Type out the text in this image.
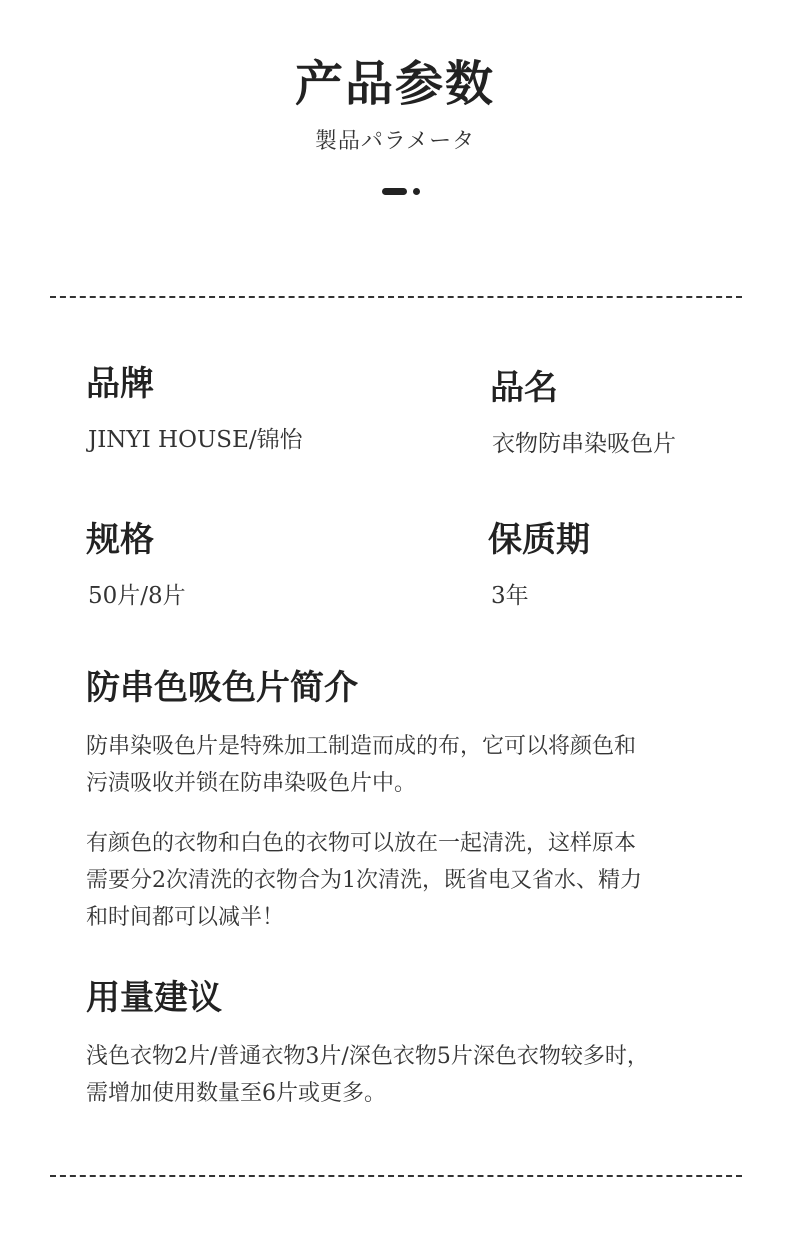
产品参数
製品パラメータ
品牌
JINYI HOUSE/锦怡
品名
衣物防串染吸色片
规格
50片/8片
保质期
3年
防串色吸色片简介

防串染吸色片是特殊加工制造而成的布，它可以将颜色和
污渍吸收并锁在防串染吸色片中。

有颜色的衣物和白色的衣物可以放在一起清洗，这样原本
需要分2次清洗的衣物合为1次清洗，既省电又省水、精力
和时间都可以减半！

用量建议

浅色衣物2片/普通衣物3片/深色衣物5片深色衣物较多时，
需增加使用数量至6片或更多。
